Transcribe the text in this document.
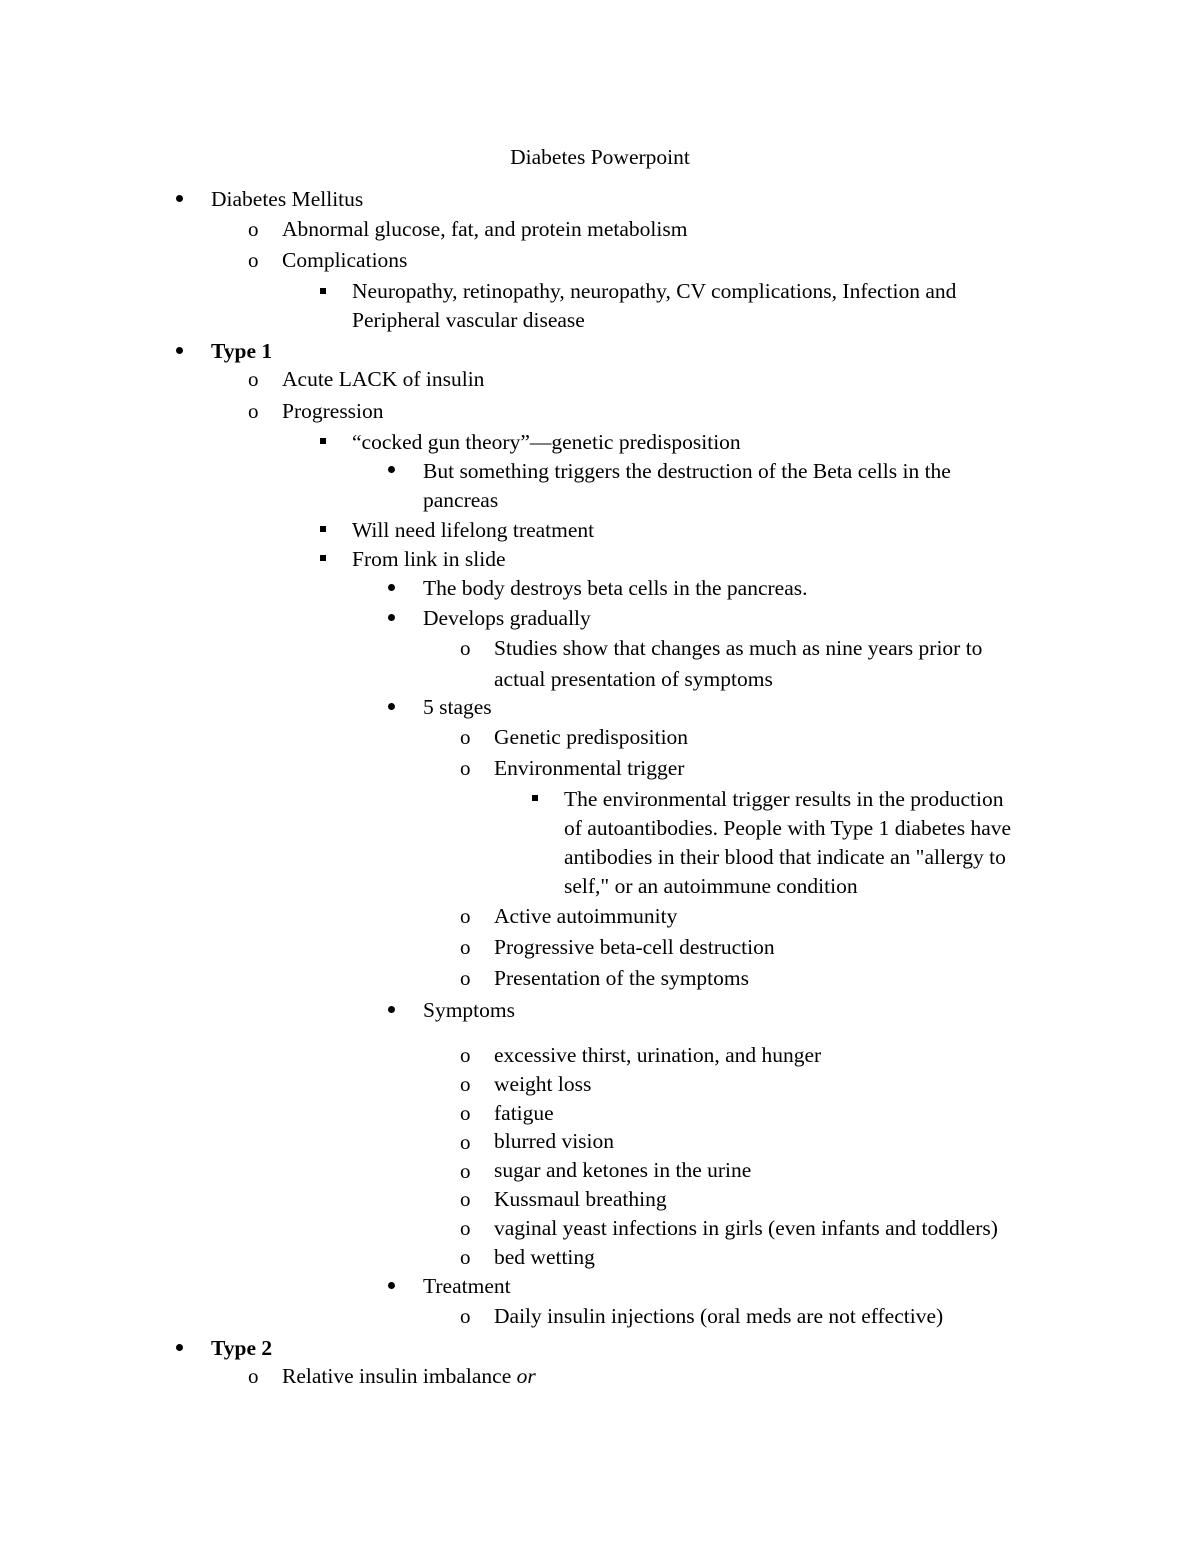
Diabetes Powerpoint
Diabetes Mellitus
o Abnormal glucose, fat, and protein metabolism
o Complications
Neuropathy, retinopathy, neuropathy, CV complications, Infection and
Peripheral vascular disease
Type 1
o Acute LACK of insulin
o Progression
“cocked gun theory”—genetic predisposition
But something triggers the destruction of the Beta cells in the
pancreas
Will need lifelong treatment
From link in slide
The body destroys beta cells in the pancreas.
Develops gradually
o Studies show that changes as much as nine years prior to
actual presentation of symptoms
5 stages
o Genetic predisposition
o Environmental trigger
The environmental trigger results in the production
of autoantibodies. People with Type 1 diabetes have
antibodies in their blood that indicate an "allergy to
self," or an autoimmune condition
o Active autoimmunity
o Progressive beta-cell destruction
o Presentation of the symptoms
Symptoms
o excessive thirst, urination, and hunger
o weight loss
o fatigue
o blurred vision
o sugar and ketones in the urine
o Kussmaul breathing
o vaginal yeast infections in girls (even infants and toddlers)
o bed wetting
Treatment
o Daily insulin injections (oral meds are not effective)
Type 2
o Relative insulin imbalance or
